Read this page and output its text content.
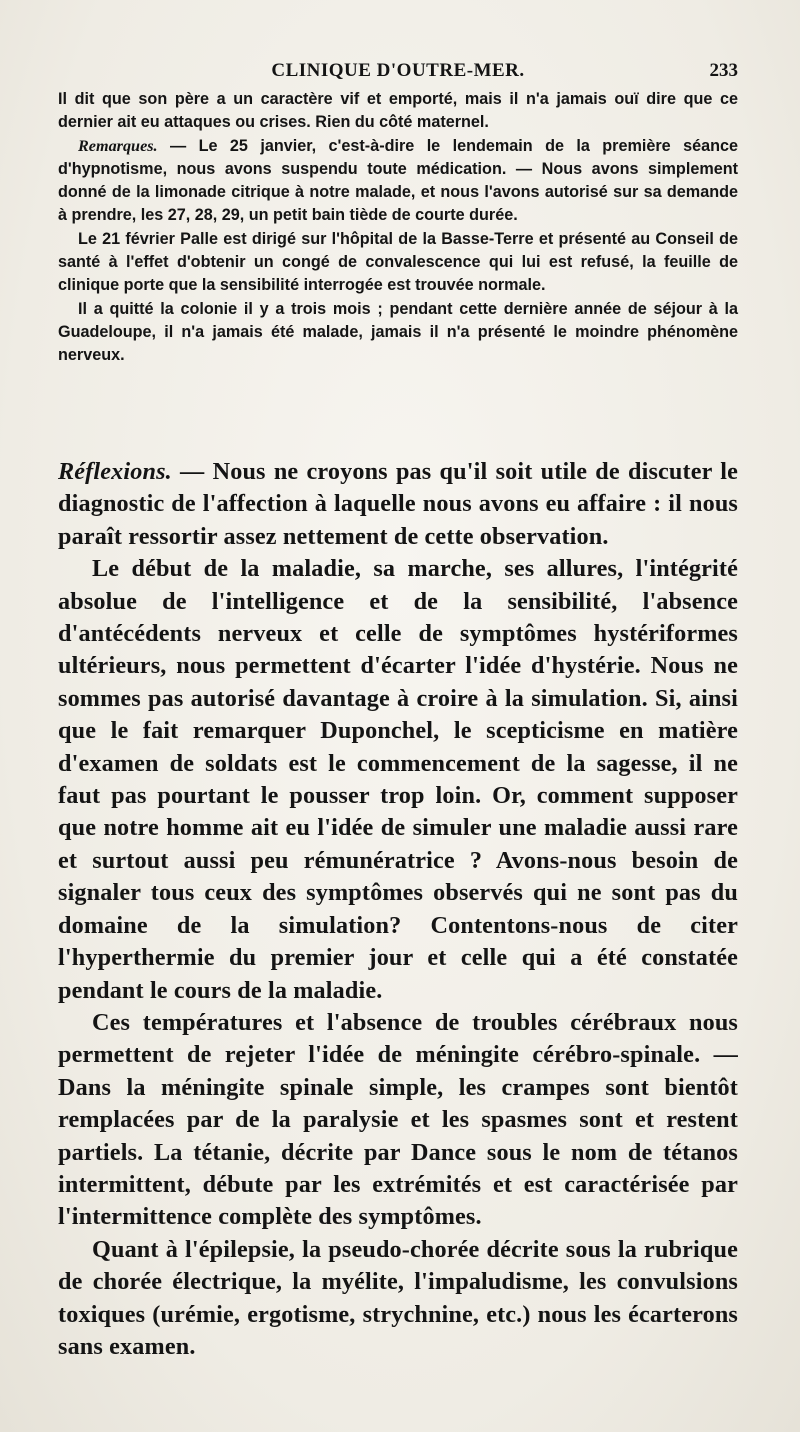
CLINIQUE D'OUTRE-MER.	233

Il dit que son père a un caractère vif et emporté, mais il n'a jamais ouï dire que ce dernier ait eu attaques ou crises. Rien du côté maternel.

Remarques. — Le 25 janvier, c'est-à-dire le lendemain de la première séance d'hypnotisme, nous avons suspendu toute médication. — Nous avons simplement donné de la limonade citrique à notre malade, et nous l'avons autorisé sur sa demande à prendre, les 27, 28, 29, un petit bain tiède de courte durée.

Le 21 février Palle est dirigé sur l'hôpital de la Basse-Terre et présenté au Conseil de santé à l'effet d'obtenir un congé de convalescence qui lui est refusé, la feuille de clinique porte que la sensibilité interrogée est trouvée normale.

Il a quitté la colonie il y a trois mois ; pendant cette dernière année de séjour à la Guadeloupe, il n'a jamais été malade, jamais il n'a présenté le moindre phénomène nerveux.

Réflexions. — Nous ne croyons pas qu'il soit utile de discuter le diagnostic de l'affection à laquelle nous avons eu affaire : il nous paraît ressortir assez nettement de cette observation.

Le début de la maladie, sa marche, ses allures, l'intégrité absolue de l'intelligence et de la sensibilité, l'absence d'antécédents nerveux et celle de symptômes hystériformes ultérieurs, nous permettent d'écarter l'idée d'hystérie. Nous ne sommes pas autorisé davantage à croire à la simulation. Si, ainsi que le fait remarquer Duponchel, le scepticisme en matière d'examen de soldats est le commencement de la sagesse, il ne faut pas pourtant le pousser trop loin. Or, comment supposer que notre homme ait eu l'idée de simuler une maladie aussi rare et surtout aussi peu rémunératrice ? Avons-nous besoin de signaler tous ceux des symptômes observés qui ne sont pas du domaine de la simulation? Contentons-nous de citer l'hyperthermie du premier jour et celle qui a été constatée pendant le cours de la maladie.

Ces températures et l'absence de troubles cérébraux nous permettent de rejeter l'idée de méningite cérébro-spinale. — Dans la méningite spinale simple, les crampes sont bientôt remplacées par de la paralysie et les spasmes sont et restent partiels. La tétanie, décrite par Dance sous le nom de tétanos intermittent, débute par les extrémités et est caractérisée par l'intermittence complète des symptômes.

Quant à l'épilepsie, la pseudo-chorée décrite sous la rubrique de chorée électrique, la myélite, l'impaludisme, les convulsions toxiques (urémie, ergotisme, strychnine, etc.) nous les écarterons sans examen.
